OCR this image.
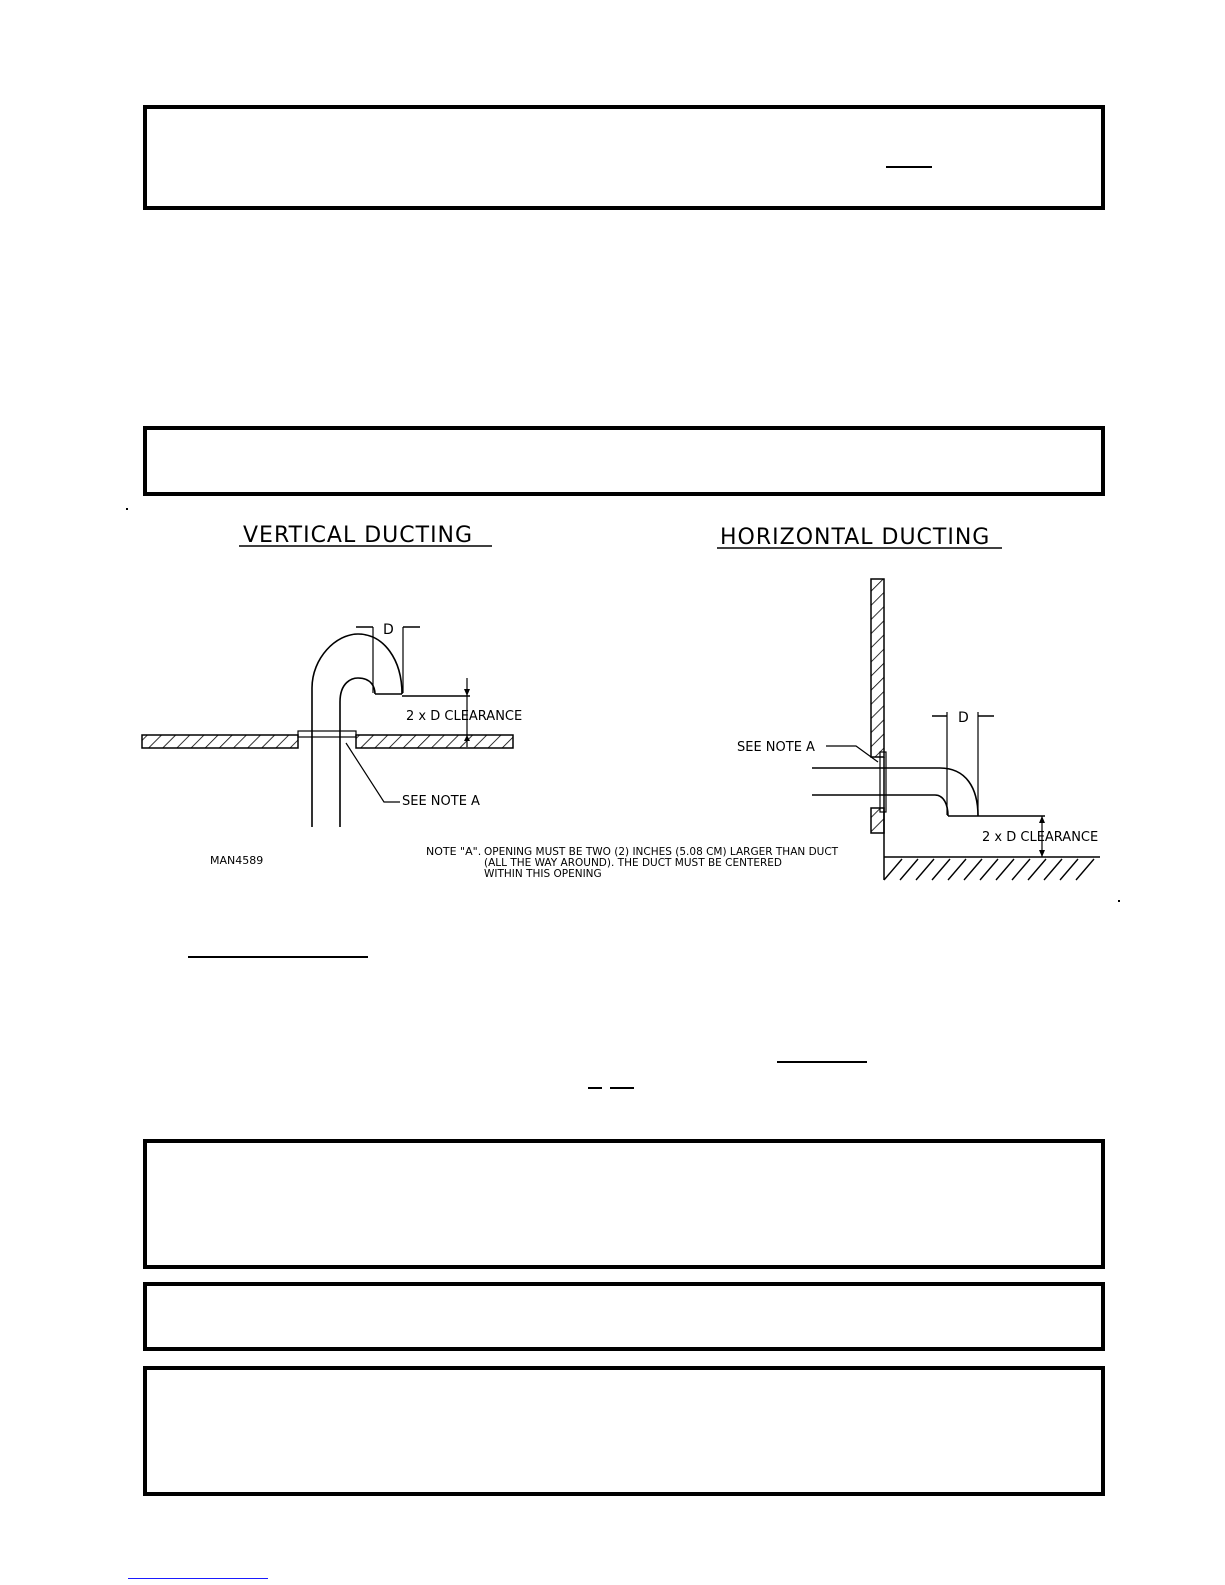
VERTICAL DUCTING
D
2 x D CLEARANCE
SEE NOTE A
HORIZONTAL DUCTING
D
2 x D CLEARANCE
SEE NOTE A
MAN4589
NOTE "A". OPENING MUST BE TWO (2) INCHES (5.08 CM) LARGER THAN DUCT
(ALL THE WAY AROUND). THE DUCT MUST BE CENTERED
WITHIN THIS OPENING
